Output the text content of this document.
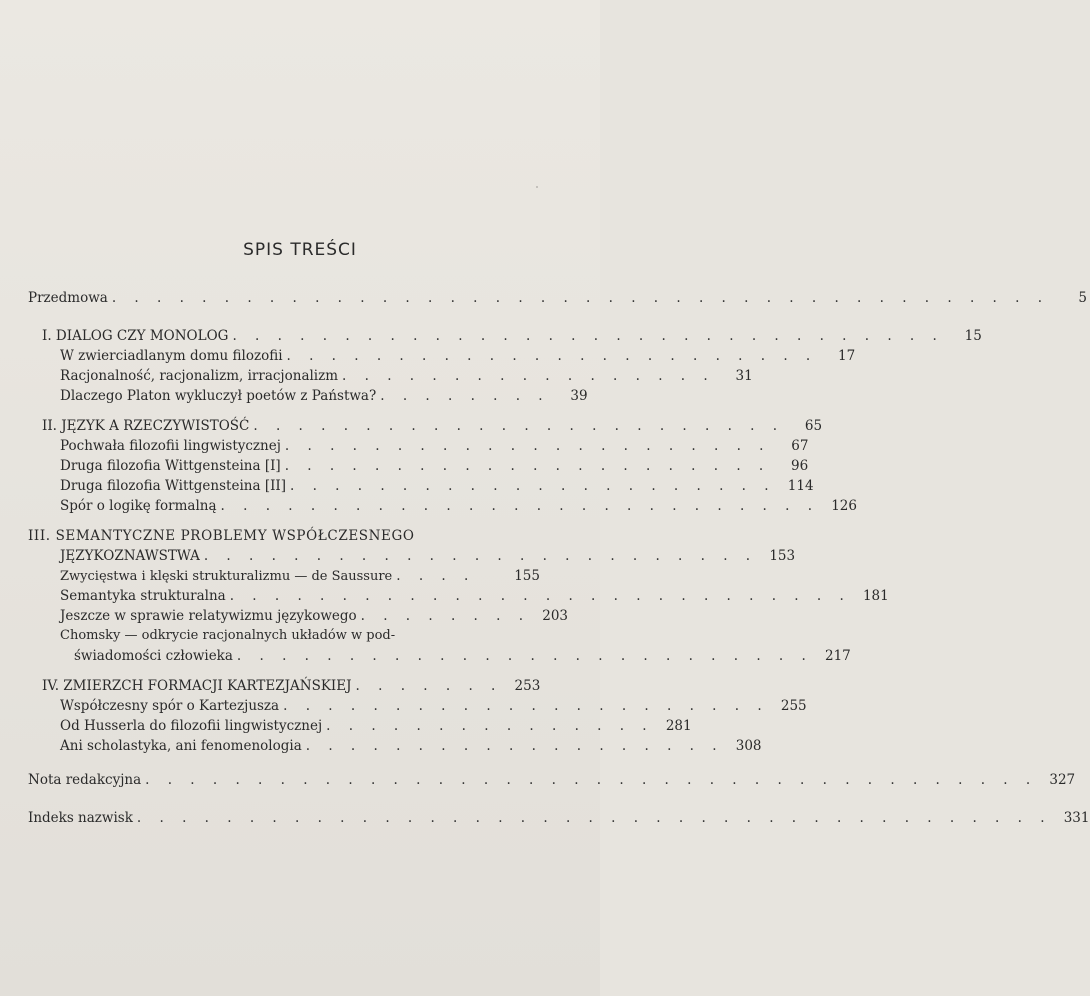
SPIS TREŚCI
Przedmowa . . . . . . . . . . . . . . . . . . . . . . . . . . . . . . . . . . . . . . . . . .	5
I. DIALOG CZY MONOLOG . . . . . . . . . . . . . . . . . . . . . . . . . . . . . . . .	15
W zwierciadlanym domu filozofii . . . . . . . . . . . . . . . . . . . . . . . .	17
Racjonalność, racjonalizm, irracjonalizm . . . . . . . . . . . . . . . . .	31
Dlaczego Platon wykluczył poetów z Państwa? . . . . . . . .	39
II. JĘZYK A RZECZYWISTOŚĆ . . . . . . . . . . . . . . . . . . . . . . . .	65
Pochwała filozofii lingwistycznej . . . . . . . . . . . . . . . . . . . . . .	67
Druga filozofia Wittgensteina [I] . . . . . . . . . . . . . . . . . . . . . .	96
Druga filozofia Wittgensteina [II] . . . . . . . . . . . . . . . . . . . . . . 114
Spór o logikę formalną . . . . . . . . . . . . . . . . . . . . . . . . . . . 126
III. SEMANTYCZNE PROBLEMY WSPÓŁCZESNEGO
JĘZYKOZNAWSTWA . . . . . . . . . . . . . . . . . . . . . . . . . 153
Zwycięstwa i klęski strukturalizmu — de Saussure . . . .	155
Semantyka strukturalna . . . . . . . . . . . . . . . . . . . . . . . . . . . . 181
Jeszcze w sprawie relatywizmu językowego . . . . . . . . 203
Chomsky — odkrycie racjonalnych układów w pod-
świadomości człowieka . . . . . . . . . . . . . . . . . . . . . . . . . . 217
IV. ZMIERZCH FORMACJI KARTEZJAŃSKIEJ . . . . . . . 253
Współczesny spór o Kartezjusza . . . . . . . . . . . . . . . . . . . . . . 255
Od Husserla do filozofii lingwistycznej . . . . . . . . . . . . . . . 281
Ani scholastyka, ani fenomenologia . . . . . . . . . . . . . . . . . . . 308
Nota redakcyjna . . . . . . . . . . . . . . . . . . . . . . . . . . . . . . . . . . . . . . . . 327
Indeks nazwisk . . . . . . . . . . . . . . . . . . . . . . . . . . . . . . . . . . . . . . . . . 331
